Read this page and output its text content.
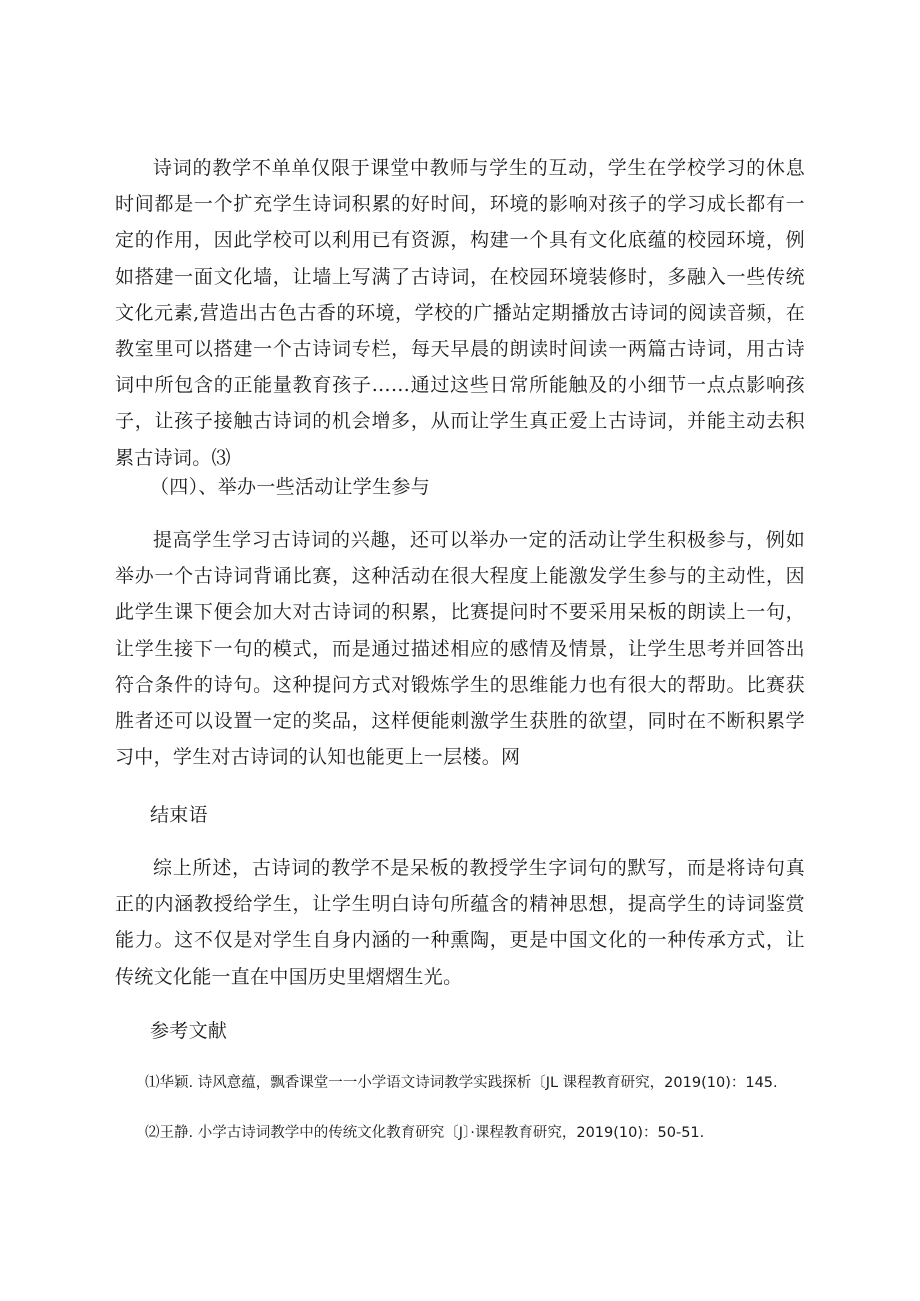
诗词的教学不单单仅限于课堂中教师与学生的互动，学生在学校学习的休息时间都是一个扩充学生诗词积累的好时间，环境的影响对孩子的学习成长都有一定的作用，因此学校可以利用已有资源，构建一个具有文化底蕴的校园环境，例如搭建一面文化墙，让墙上写满了古诗词，在校园环境装修时，多融入一些传统文化元素,营造出古色古香的环境，学校的广播站定期播放古诗词的阅读音频，在教室里可以搭建一个古诗词专栏，每天早晨的朗读时间读一两篇古诗词，用古诗词中所包含的正能量教育孩子……通过这些日常所能触及的小细节一点点影响孩子，让孩子接触古诗词的机会增多，从而让学生真正爱上古诗词，并能主动去积累古诗词。⑶

（四）、举办一些活动让学生参与

提高学生学习古诗词的兴趣，还可以举办一定的活动让学生积极参与，例如举办一个古诗词背诵比赛，这种活动在很大程度上能激发学生参与的主动性，因此学生课下便会加大对古诗词的积累，比赛提问时不要采用呆板的朗读上一句，让学生接下一句的模式，而是通过描述相应的感情及情景，让学生思考并回答出符合条件的诗句。这种提问方式对锻炼学生的思维能力也有很大的帮助。比赛获胜者还可以设置一定的奖品，这样便能刺激学生获胜的欲望，同时在不断积累学习中，学生对古诗词的认知也能更上一层楼。网

结束语

综上所述，古诗词的教学不是呆板的教授学生字词句的默写，而是将诗句真正的内涵教授给学生，让学生明白诗句所蕴含的精神思想，提高学生的诗词鉴赏能力。这不仅是对学生自身内涵的一种熏陶，更是中国文化的一种传承方式，让传统文化能一直在中国历史里熠熠生光。

参考文献

⑴华颖. 诗风意蕴，飘香课堂一一小学语文诗词教学实践探析〔JL 课程教育研究，2019(10)：145.

⑵王静. 小学古诗词教学中的传统文化教育研究〔J〕·课程教育研究，2019(10)：50-51.
